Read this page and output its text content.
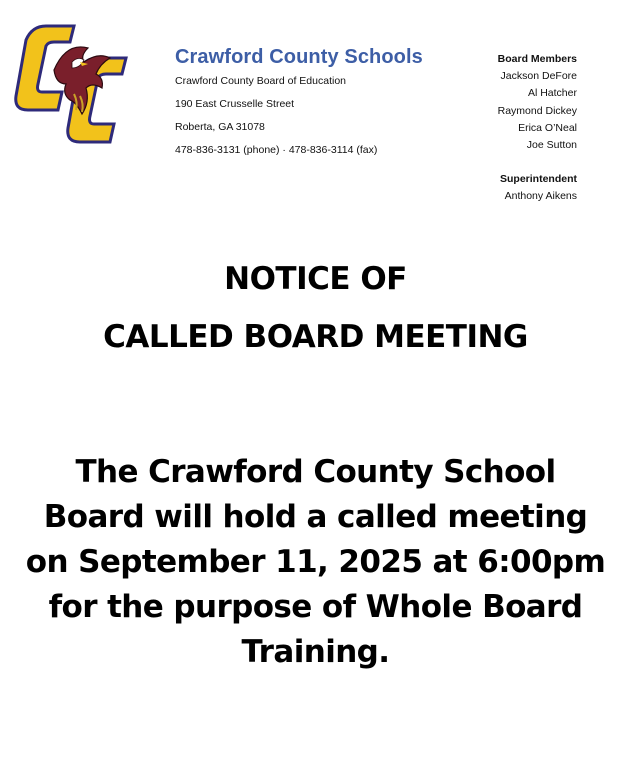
Crawford County Schools

Crawford County Board of Education

190 East Crusselle Street

Roberta, GA 31078

478-836-3131 (phone) · 478-836-3114 (fax)

Board Members
Jackson DeFore
Al Hatcher
Raymond Dickey
Erica O’Neal
Joe Sutton
Superintendent
Anthony Aikens
NOTICE OF
CALLED BOARD MEETING
The Crawford County School
Board will hold a called meeting
on September 11, 2025 at 6:00pm
for the purpose of Whole Board
Training.
